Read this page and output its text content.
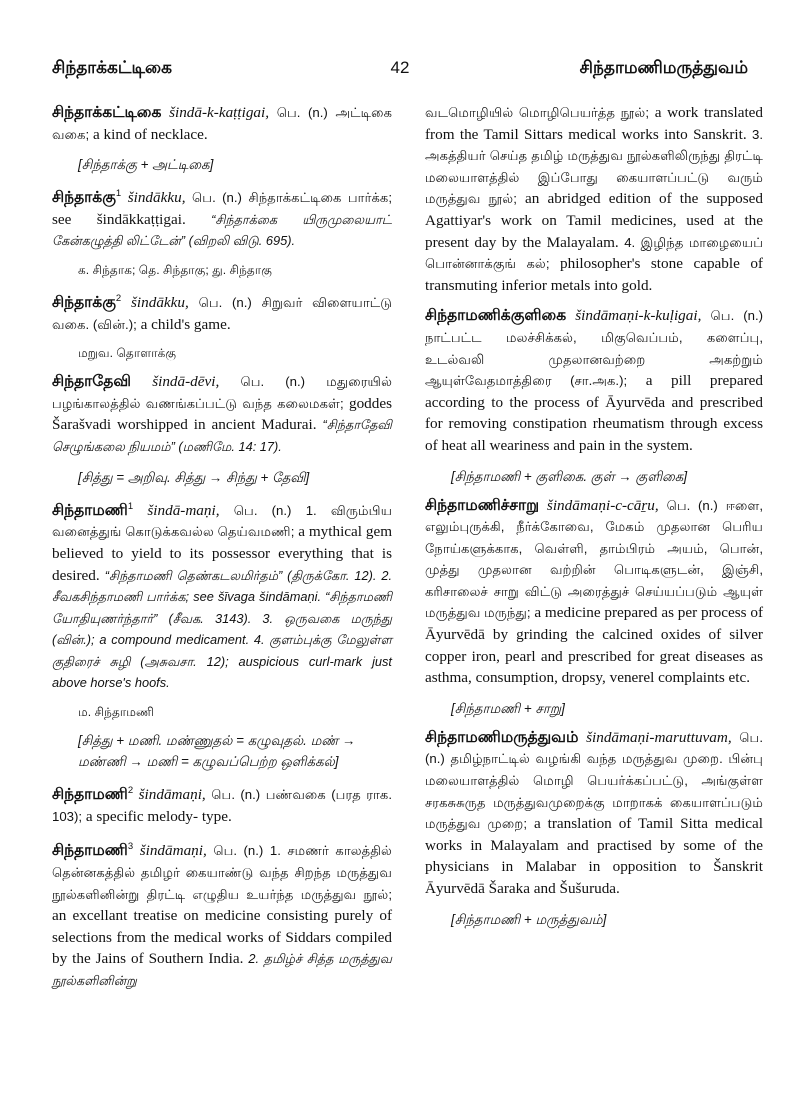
சிந்தாக்கட்டிகை	42	சிந்தாமணிமருத்துவம்

சிந்தாக்கட்டிகை šindā-k-kaṭṭigai, பெ. (n.) அட்டிகை வகை; a kind of necklace.

[சிந்தாக்கு + அட்டிகை]

சிந்தாக்கு$^1$ šindākku, பெ. (n.) சிந்தாக்கட்டிகை பார்க்க; see šindākkaṭṭigai. “சிந்தாக்கை யிருமுலையாட் கேன்கழுத்தி லிட்டேன்” (விறலி விடு. 695).

க. சிந்தாக; தெ. சிந்தாகு; து. சிந்தாகு

சிந்தாக்கு$^2$ šindākku, பெ. (n.) சிறுவர் விளையாட்டு வகை. (வின்.); a child's game.

மறுவ. தொளாக்கு

சிந்தாதேவி šindā-dēvi, பெ. (n.) மதுரையில் பழங்காலத்தில் வணங்கப்பட்டு வந்த கலைமகள்; goddes Šarašvadi worshipped in ancient Madurai. “சிந்தாதேவி செழுங்கலை நியமம்” (மணிமே. 14: 17).

[சித்து = அறிவு. சித்து → சிந்து + தேவி]

சிந்தாமணி$^1$ šindā-maṇi, பெ. (n.) 1. விரும்பிய வனைத்துங் கொடுக்கவல்ல தெய்வமணி; a mythical gem believed to yield to its possessor everything that is desired. “சிந்தாமணி தெண்கடலமிர்தம்” (திருக்கோ. 12). 2. சீவகசிந்தாமணி பார்க்க; see šīvaga šindāmaṇi. “சிந்தாமணி யோதியுணர்ந்தார்” (சீவக. 3143). 3. ஒருவகை மருந்து (வின்.); a compound medicament. 4. குளம்புக்கு மேலுள்ள குதிரைச் சுழி (அசுவசா. 12); auspicious curl-mark just above horse's hoofs.

ம. சிந்தாமணி
[சித்து + மணி. மண்ணுதல் = கழுவுதல். மண் → மண்ணி → மணி = கழுவப்பெற்ற ஒளிக்கல்]

சிந்தாமணி$^2$ šindāmaṇi, பெ. (n.) பண்வகை (பரத ராக. 103); a specific melody- type.

சிந்தாமணி$^3$ šindāmaṇi, பெ. (n.) 1. சமணர் காலத்தில் தென்னகத்தில் தமிழர் கையாண்டு வந்த சிறந்த மருத்துவ நூல்களினின்று திரட்டி எழுதிய உயர்ந்த மருத்துவ நூல்; an excellant treatise on medicine consisting purely of selections from the medical works of Siddars compiled by the Jains of Southern India. 2. தமிழ்ச் சித்த மருத்துவ நூல்களினின்று

வடமொழியில் மொழிபெயர்த்த நூல்; a work translated from the Tamil Sittars medical works into Sanskrit. 3. அகத்தியர் செய்த தமிழ் மருத்துவ நூல்களிலிருந்து திரட்டி மலையாளத்தில் இப்போது கையாளப்பட்டு வரும் மருத்துவ நூல்; an abridged edition of the supposed Agattiyar's work on Tamil medicines, used at the present day by the Malayalam. 4. இழிந்த மாழையைப் பொன்னாக்குங் கல்; philosopher's stone capable of transmuting inferior metals into gold.

சிந்தாமணிக்குளிகை šindāmaṇi-k-kuḷigai, பெ. (n.) நாட்பட்ட மலச்சிக்கல், மிகுவெப்பம், களைப்பு, உடல்வலி முதலானவற்றை அகற்றும் ஆயுள்வேதமாத்திரை (சா.அக.); a pill prepared according to the process of Āyurvēda and prescribed for removing constipation rheumatism through excess of heat all weariness and pain in the system.

[சிந்தாமணி + குளிகை. குள் → குளிகை]

சிந்தாமணிச்சாறு šindāmaṇi-c-cāṟu, பெ. (n.) ஈளை, எலும்புருக்கி, நீர்க்கோவை, மேகம் முதலான பெரிய நோய்களுக்காக, வெள்ளி, தாம்பிரம் அயம், பொன், முத்து முதலான வற்றின் பொடிகளுடன், இஞ்சி, கரிசாலைச் சாறு விட்டு அரைத்துச் செய்யப்படும் ஆயுள் மருத்துவ மருந்து; a medicine prepared as per process of Āyurvēdā by grinding the calcined oxides of silver copper iron, pearl and prescribed for great diseases as asthma, consumption, dropsy, venerel complaints etc.

[சிந்தாமணி + சாறு]

சிந்தாமணிமருத்துவம் šindāmaṇi-maruttuvam, பெ. (n.) தமிழ்நாட்டில் வழங்கி வந்த மருத்துவ முறை. பின்பு மலையாளத்தில் மொழி பெயர்க்கப்பட்டு, அங்குள்ள சரகசுசுருத மருத்துவமுறைக்கு மாறாகக் கையாளப்படும் மருத்துவ முறை; a translation of Tamil Sitta medical works in Malayalam and practised by some of the physicians in Malabar in opposition to Šanskrit Āyurvēdā Šaraka and Šušuruda.

[சிந்தாமணி + மருத்துவம்]
